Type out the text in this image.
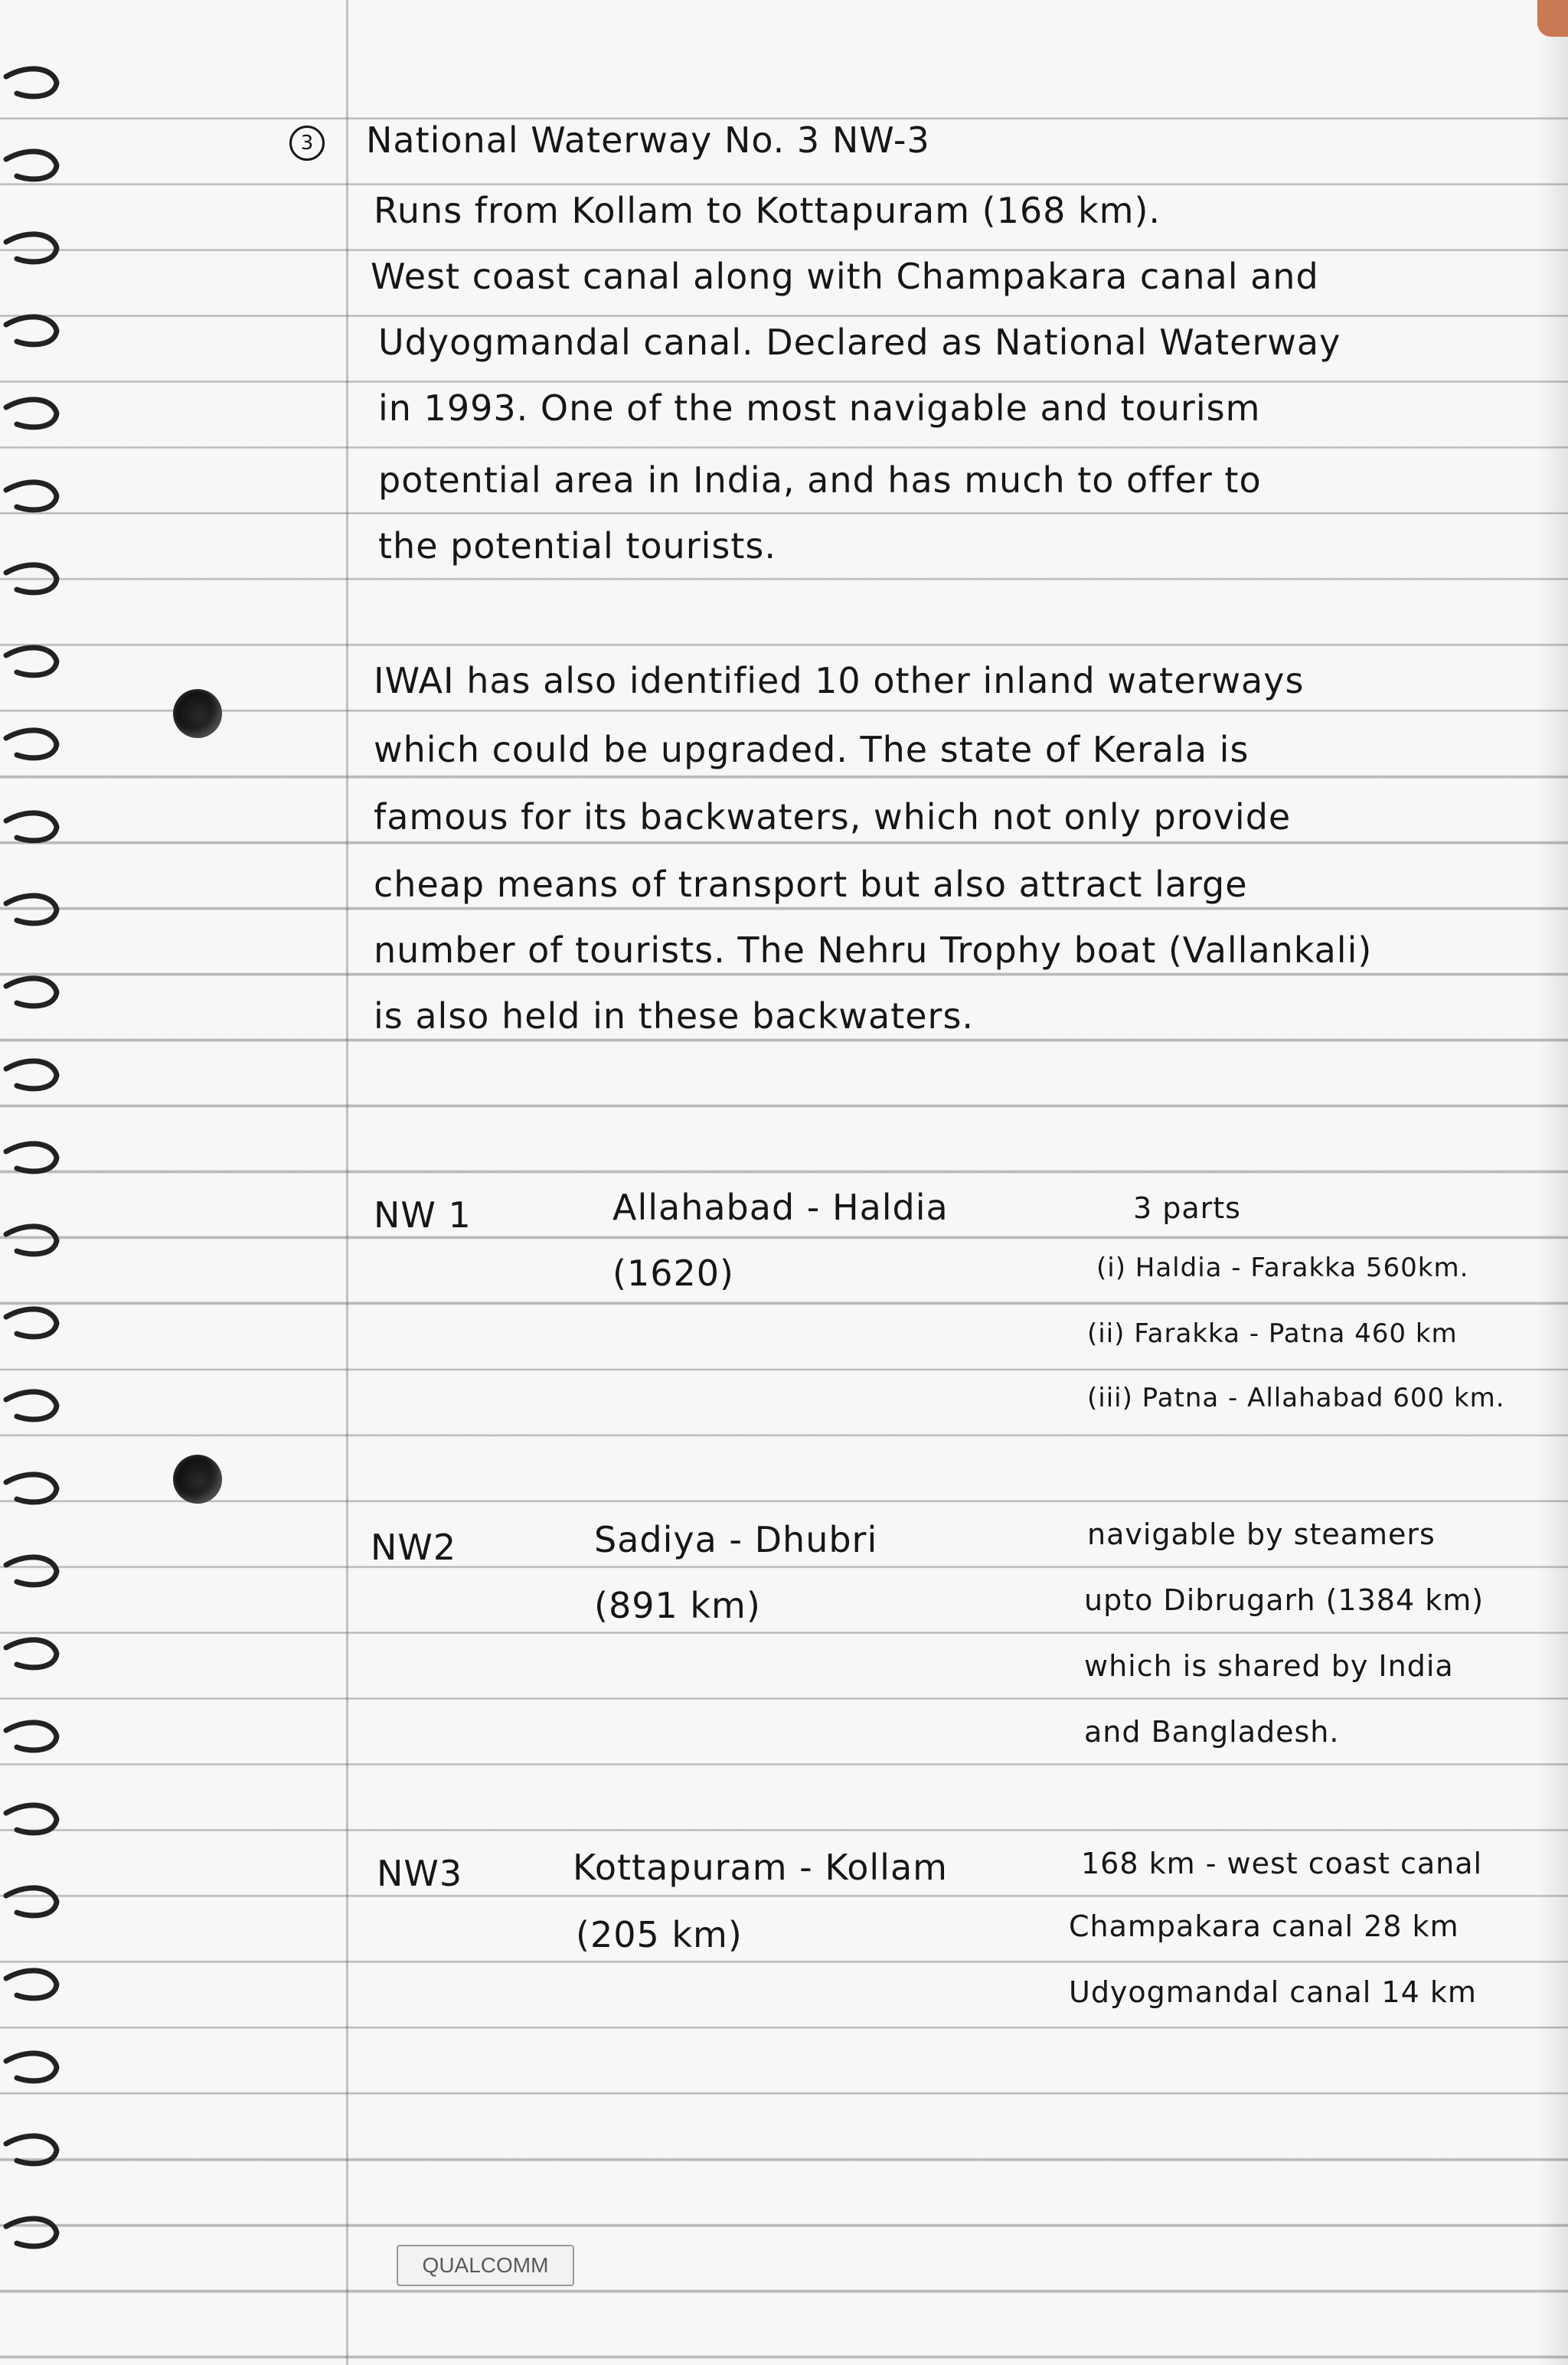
3	National Waterway No. 3 NW-3
Runs from Kollam to Kottapuram (168 km).
West coast canal along with Champakara canal and
Udyogmandal canal. Declared as National Waterway
in 1993. One of the most navigable and tourism
potential area in India, and has much to offer to
the potential tourists.
IWAI has also identified 10 other inland waterways
which could be upgraded. The state of Kerala is
famous for its backwaters, which not only provide
cheap means of transport but also attract large
number of tourists. The Nehru Trophy boat (Vallankali)
is also held in these backwaters.
NW 1	Allahabad - Haldia
(1620)
3 parts
(i) Haldia - Farakka 560km.
(ii) Farakka - Patna 460 km
(iii) Patna - Allahabad 600 km.
NW2	Sadiya - Dhubri
(891 km)
navigable by steamers
upto Dibrugarh (1384 km)
which is shared by India
and Bangladesh.
NW3	Kottapuram - Kollam
(205 km)
168 km - west coast canal
Champakara canal 28 km
Udyogmandal canal 14 km
QUALCOMM
